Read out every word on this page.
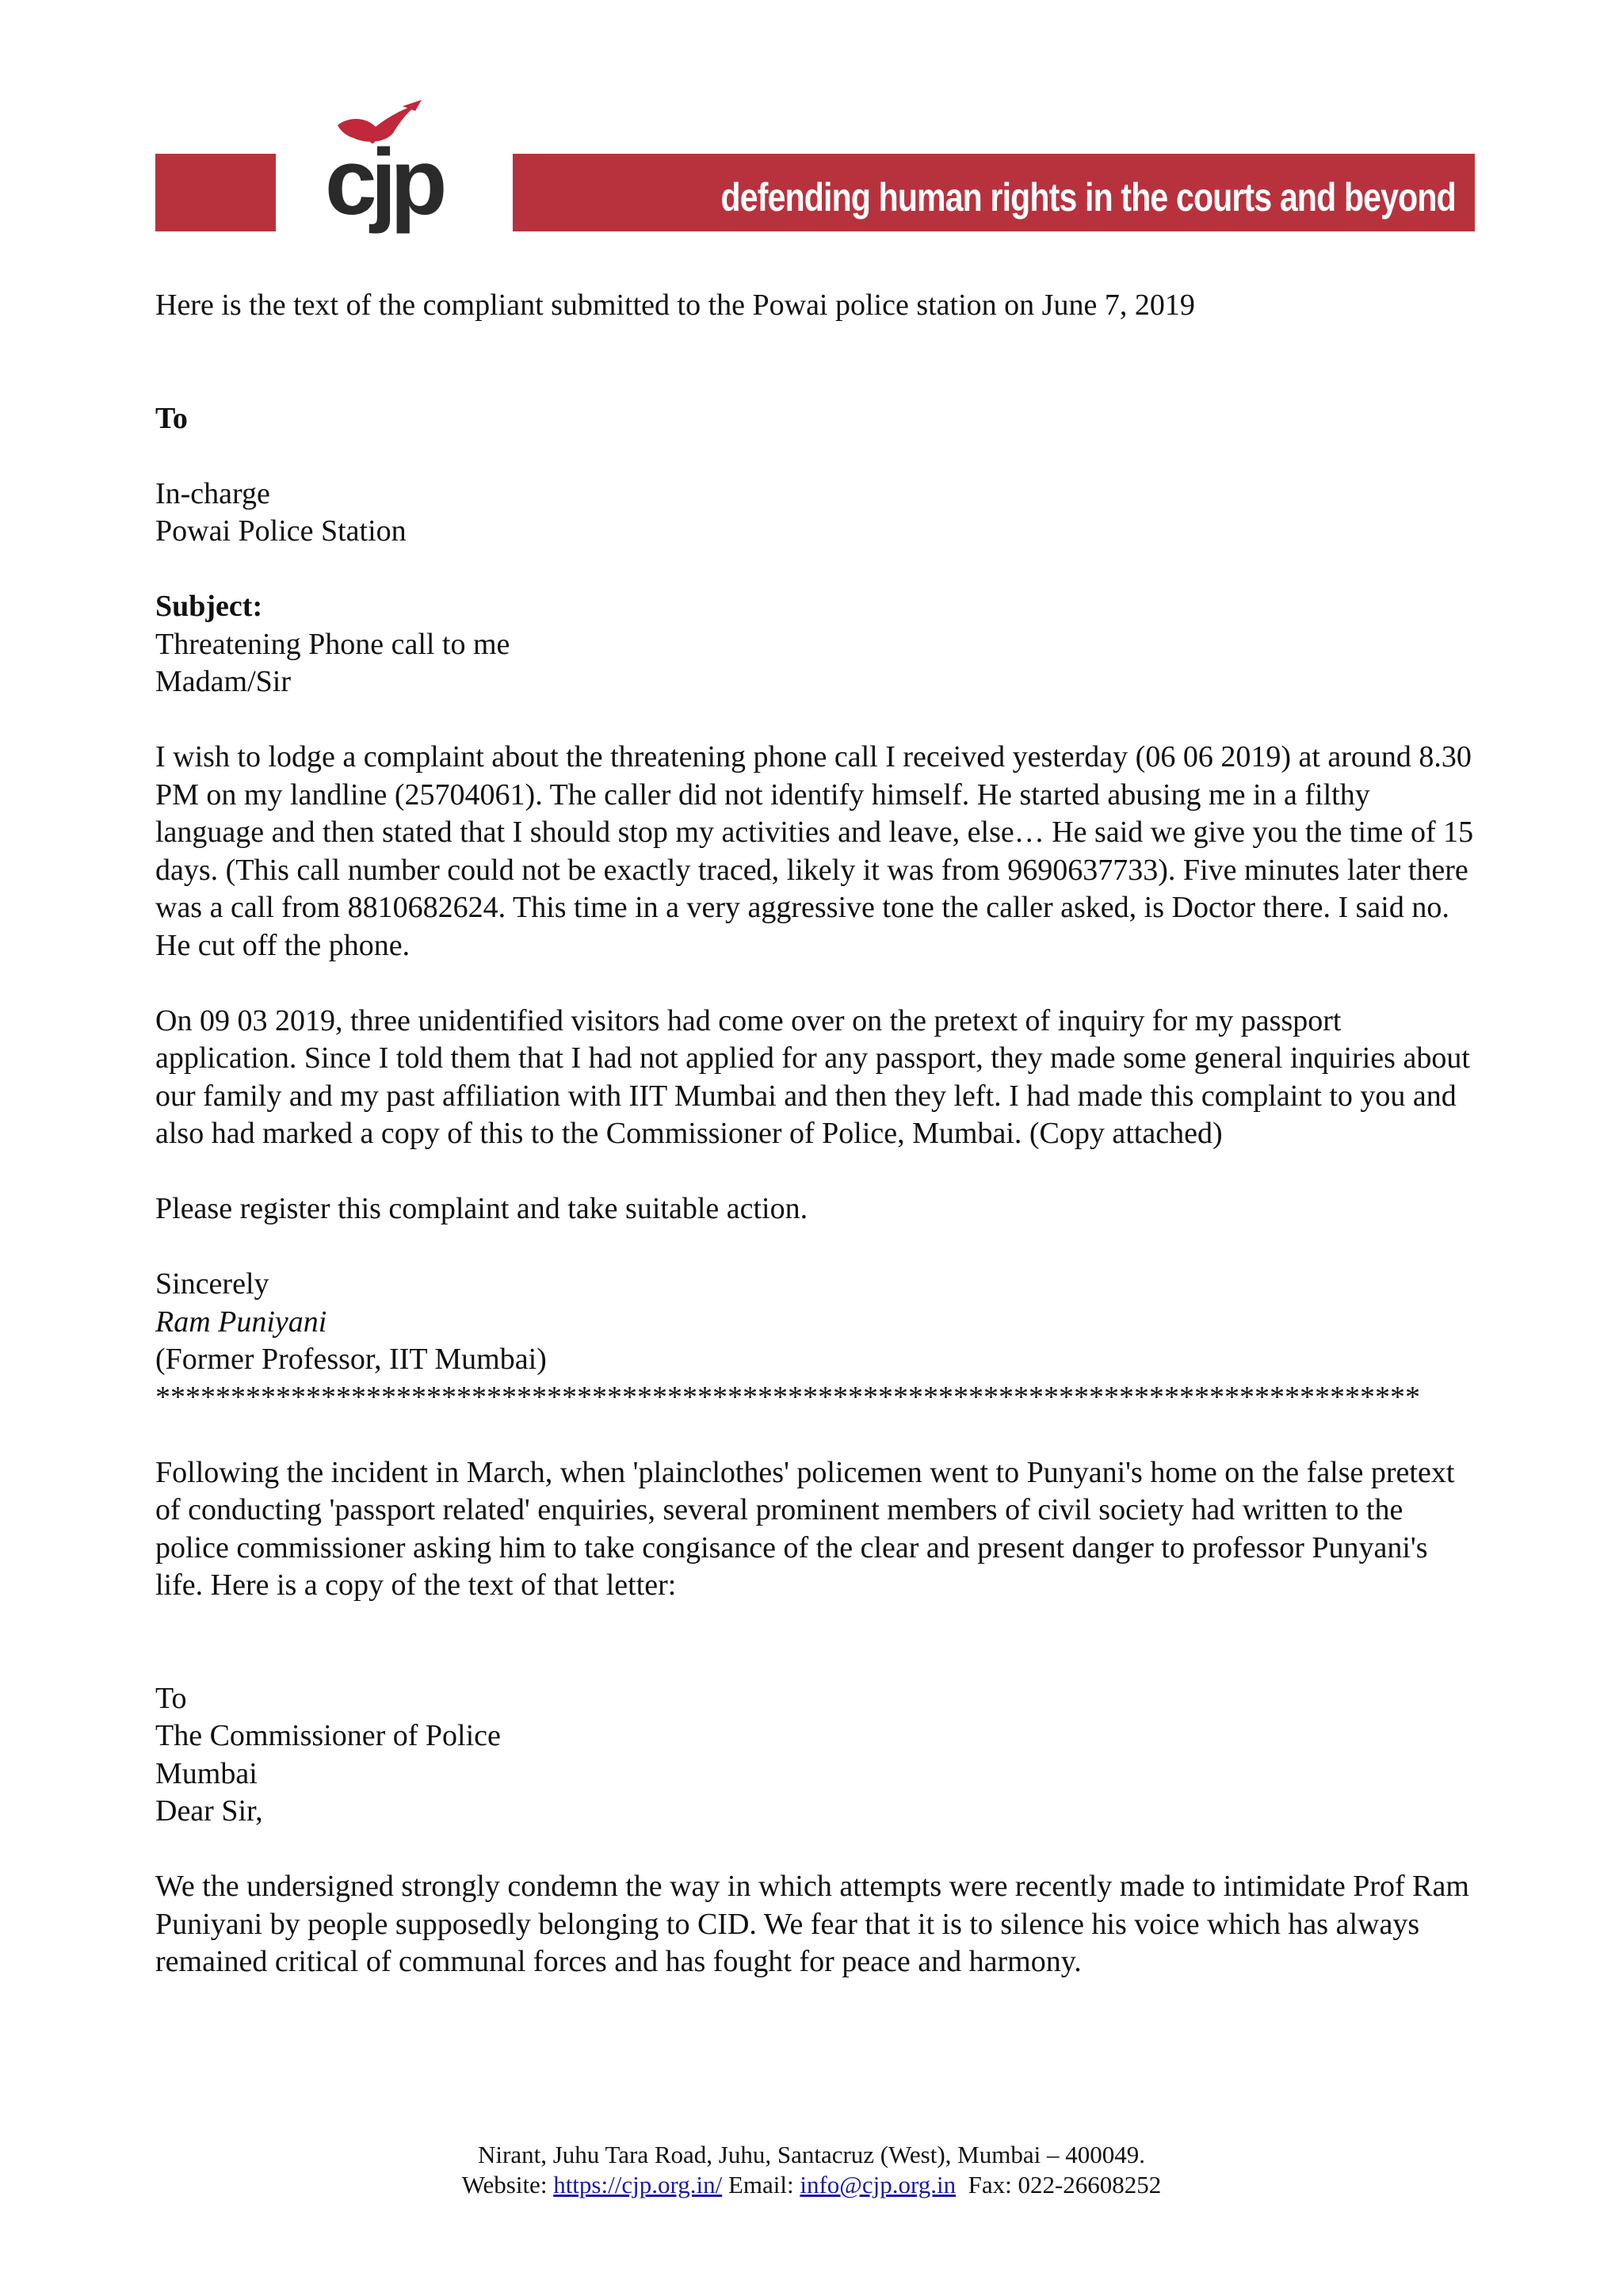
cjp	defending human rights in the courts and beyond

Here is the text of the compliant submitted to the Powai police station on June 7, 2019

To

In-charge

Powai Police Station

Subject:

Threatening Phone call to me

Madam/Sir

I wish to lodge a complaint about the threatening phone call I received yesterday (06 06 2019) at around 8.30 PM on my landline (25704061). The caller did not identify himself. He started abusing me in a filthy language and then stated that I should stop my activities and leave, else… He said we give you the time of 15 days. (This call number could not be exactly traced, likely it was from 9690637733). Five minutes later there was a call from 8810682624. This time in a very aggressive tone the caller asked, is Doctor there. I said no. He cut off the phone.

On 09 03 2019, three unidentified visitors had come over on the pretext of inquiry for my passport application. Since I told them that I had not applied for any passport, they made some general inquiries about our family and my past affiliation with IIT Mumbai and then they left. I had made this complaint to you and also had marked a copy of this to the Commissioner of Police, Mumbai. (Copy attached)

Please register this complaint and take suitable action.

Sincerely

Ram Puniyani

(Former Professor, IIT Mumbai)

************************************************************************************

Following the incident in March, when 'plainclothes' policemen went to Punyani's home on the false pretext of conducting 'passport related' enquiries, several prominent members of civil society had written to the police commissioner asking him to take congisance of the clear and present danger to professor Punyani's life. Here is a copy of the text of that letter:

To

The Commissioner of Police

Mumbai

Dear Sir,

We the undersigned strongly condemn the way in which attempts were recently made to intimidate Prof Ram Puniyani by people supposedly belonging to CID. We fear that it is to silence his voice which has always remained critical of communal forces and has fought for peace and harmony.

Nirant, Juhu Tara Road, Juhu, Santacruz (West), Mumbai – 400049.
Website: https://cjp.org.in/ Email: info@cjp.org.in Fax: 022-26608252
